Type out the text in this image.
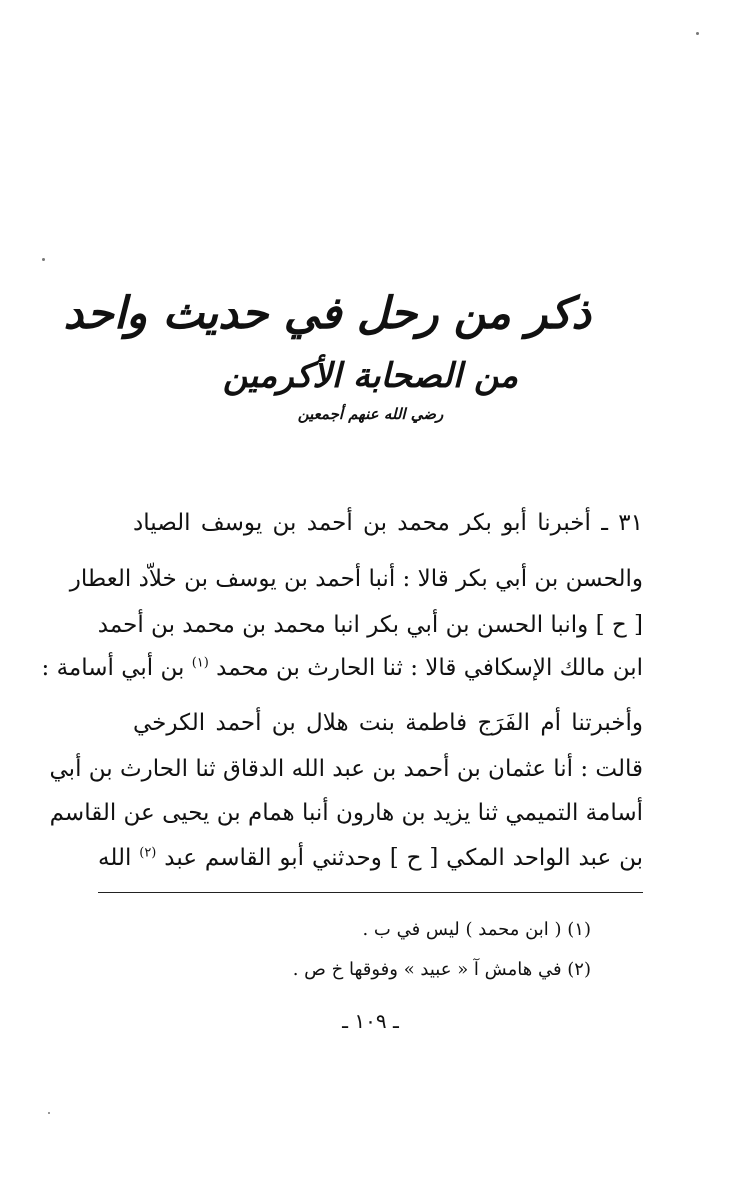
ذكر من رحل في حديث واحد
من الصحابة الأكرمين
رضي الله عنهم أجمعين
٣١ ـ أخبرنا أبو بكر محمد بن أحمد بن يوسف الصياد
والحسن بن أبي بكر قالا : أنبا أحمد بن يوسف بن خلاّد العطار
[ ح ] وانبا الحسن بن أبي بكر انبا محمد بن محمد بن أحمد
ابن مالك الإسكافي قالا : ثنا الحارث بن محمد $^{(١)}$ بن أبي أسامة :
وأخبرتنا أم الفَرَج فاطمة بنت هلال بن أحمد الكرخي
قالت : أنا عثمان بن أحمد بن عبد الله الدقاق ثنا الحارث بن أبي
أسامة التميمي ثنا يزيد بن هارون أنبا همام بن يحيى عن القاسم
بن عبد الواحد المكي [ ح ] وحدثني أبو القاسم عبد $^{(٢)}$ الله
(١) ( ابن محمد ) ليس في ب .
(٢) في هامش آ « عبيد » وفوقها خ ص .
ـ ١٠٩ ـ
